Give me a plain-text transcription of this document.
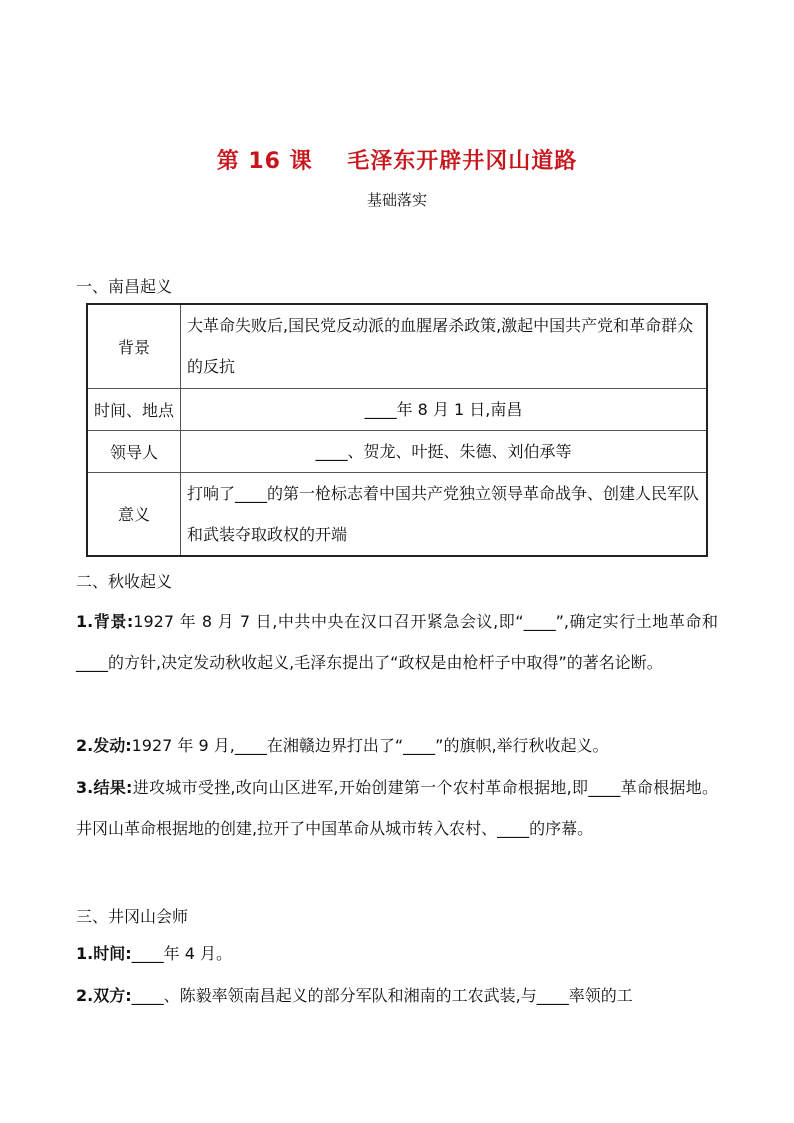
第 16 课    毛泽东开辟井冈山道路
基础落实
一、南昌起义
背景	大革命失败后,国民党反动派的血腥屠杀政策,激起中国共产党和革命群众的反抗
时间、地点	____年 8 月 1 日,南昌
领导人	____、贺龙、叶挺、朱德、刘伯承等
意义	打响了____的第一枪标志着中国共产党独立领导革命战争、创建人民军队和武装夺取政权的开端
二、秋收起义
1.背景:1927 年 8 月 7 日,中共中央在汉口召开紧急会议,即“____”,确定实行土地革命和____的方针,决定发动秋收起义,毛泽东提出了“政权是由枪杆子中取得”的著名论断。
2.发动:1927 年 9 月,____在湘赣边界打出了“____”的旗帜,举行秋收起义。
3.结果:进攻城市受挫,改向山区进军,开始创建第一个农村革命根据地,即____革命根据地。井冈山革命根据地的创建,拉开了中国革命从城市转入农村、____的序幕。
三、井冈山会师
1.时间:____年 4 月。
2.双方:____、陈毅率领南昌起义的部分军队和湘南的工农武装,与____率领的工
